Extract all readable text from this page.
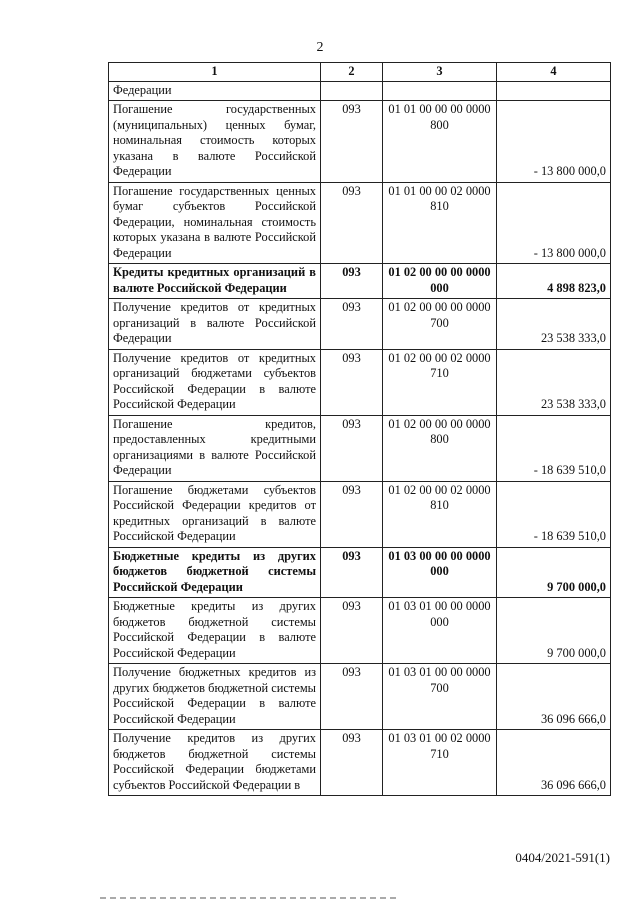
2
1	2	3	4
Федерации			
Погашение государственных (муниципальных) ценных бумаг, номинальная стоимость которых указана в валюте Российской Федерации	093	01 01 00 00 00 0000 800	- 13 800 000,0
Погашение государственных ценных бумаг субъектов Российской Федерации, номинальная стоимость которых указана в валюте Российской Федерации	093	01 01 00 00 02 0000 810	- 13 800 000,0
Кредиты кредитных организаций в валюте Российской Федерации	093	01 02 00 00 00 0000 000	4 898 823,0
Получение кредитов от кредитных организаций в валюте Российской Федерации	093	01 02 00 00 00 0000 700	23 538 333,0
Получение кредитов от кредитных организаций бюджетами субъектов Российской Федерации в валюте Российской Федерации	093	01 02 00 00 02 0000 710	23 538 333,0
Погашение кредитов, предоставленных кредитными организациями в валюте Российской Федерации	093	01 02 00 00 00 0000 800	- 18 639 510,0
Погашение бюджетами субъектов Российской Федерации кредитов от кредитных организаций в валюте Российской Федерации	093	01 02 00 00 02 0000 810	- 18 639 510,0
Бюджетные кредиты из других бюджетов бюджетной системы Российской Федерации	093	01 03 00 00 00 0000 000	9 700 000,0
Бюджетные кредиты из других бюджетов бюджетной системы Российской Федерации в валюте Российской Федерации	093	01 03 01 00 00 0000 000	9 700 000,0
Получение бюджетных кредитов из других бюджетов бюджетной системы Российской Федерации в валюте Российской Федерации	093	01 03 01 00 00 0000 700	36 096 666,0
Получение кредитов из других бюджетов бюджетной системы Российской Федерации бюджетами субъектов Российской Федерации в	093	01 03 01 00 02 0000 710	36 096 666,0
0404/2021-591(1)
